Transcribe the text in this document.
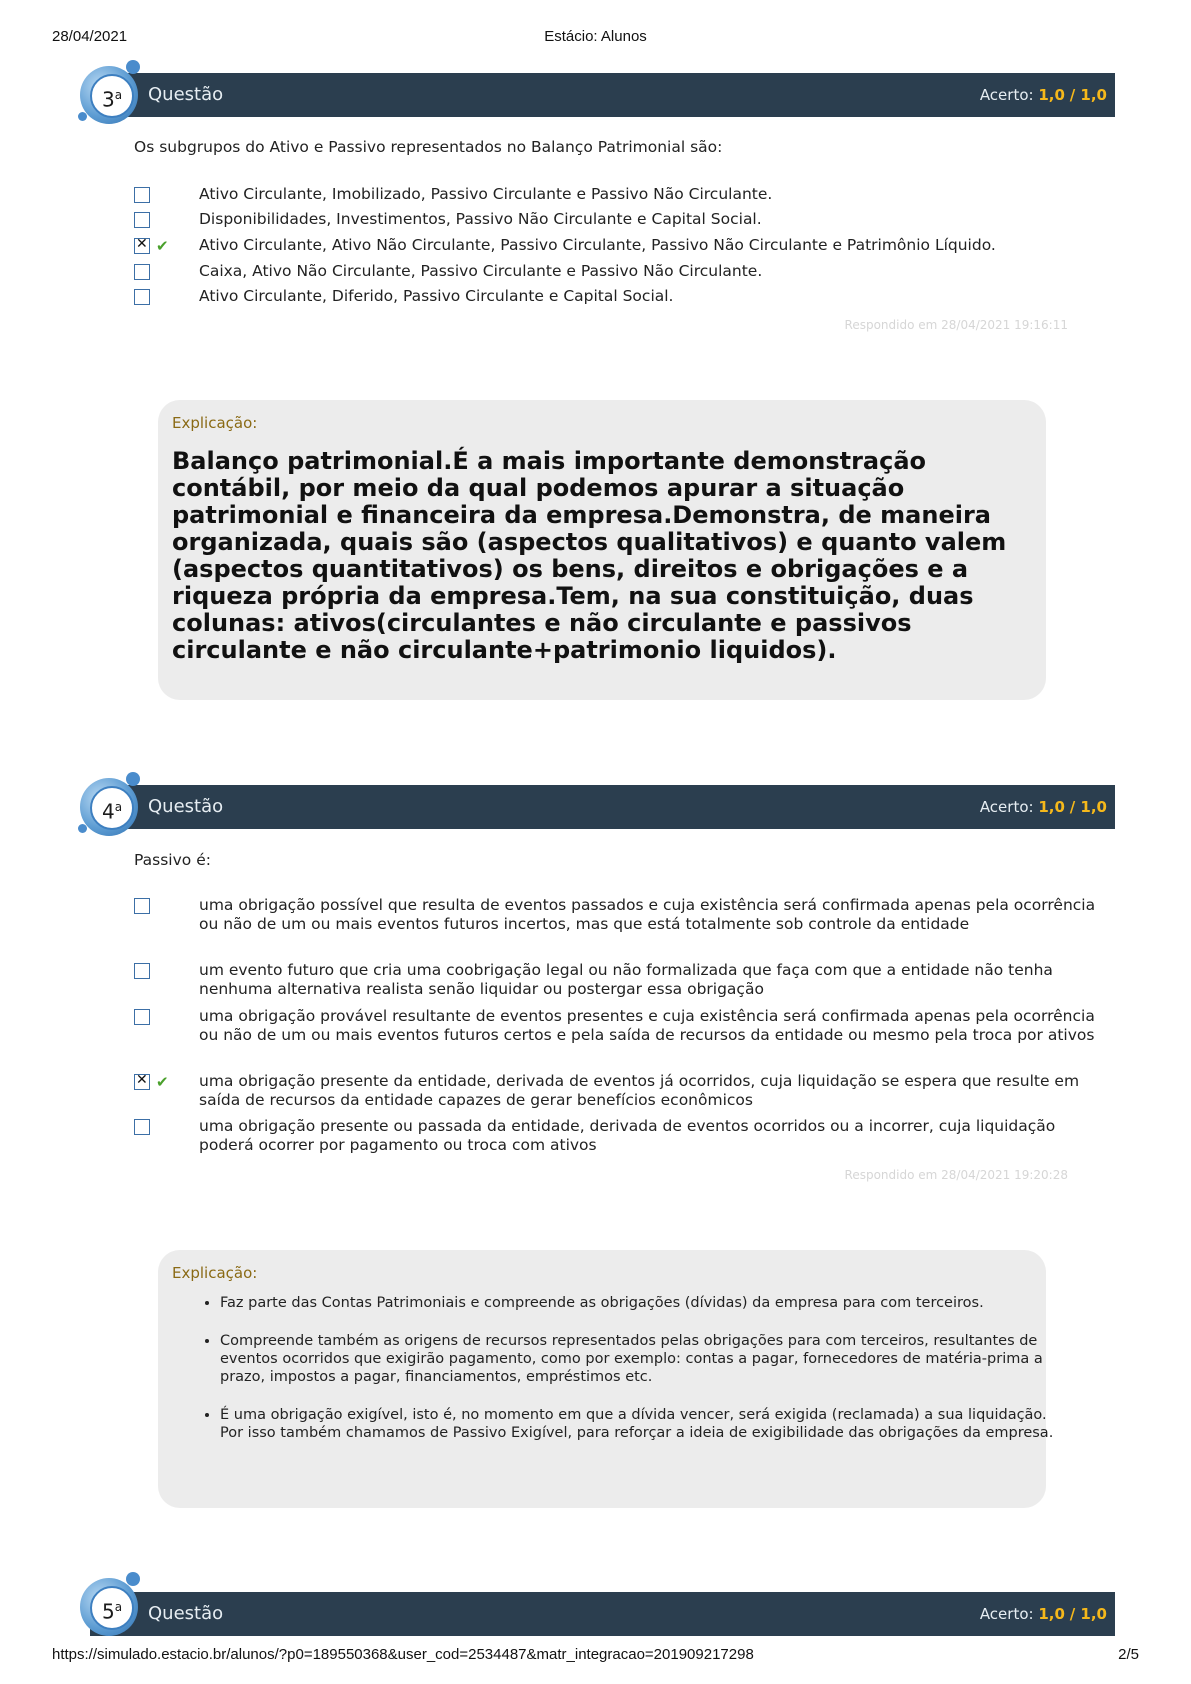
28/04/2021	Estácio: Alunos
Questão	Acerto: 1,0 / 1,0
3$^a$
Os subgrupos do Ativo e Passivo representados no Balanço Patrimonial são:
Ativo Circulante, Imobilizado, Passivo Circulante e Passivo Não Circulante.
Disponibilidades, Investimentos, Passivo Não Circulante e Capital Social.
✕
✔ Ativo Circulante, Ativo Não Circulante, Passivo Circulante, Passivo Não Circulante e Patrimônio Líquido.
Caixa, Ativo Não Circulante, Passivo Circulante e Passivo Não Circulante.
Ativo Circulante, Diferido, Passivo Circulante e Capital Social.
Respondido em 28/04/2021 19:16:11
Explicação:
Balanço patrimonial.É a mais importante demonstração contábil, por meio da qual podemos apurar a situação patrimonial e financeira da empresa.Demonstra, de maneira organizada, quais são (aspectos qualitativos) e quanto valem (aspectos quantitativos) os bens, direitos e obrigações e a riqueza própria da empresa.Tem, na sua constituição, duas colunas: ativos(circulantes e não circulante e passivos circulante e não circulante+patrimonio liquidos).
Questão	Acerto: 1,0 / 1,0
4$^a$
Passivo é:
uma obrigação possível que resulta de eventos passados e cuja existência será confirmada apenas pela ocorrência ou não de um ou mais eventos futuros incertos, mas que está totalmente sob controle da entidade
um evento futuro que cria uma coobrigação legal ou não formalizada que faça com que a entidade não tenha nenhuma alternativa realista senão liquidar ou postergar essa obrigação
uma obrigação provável resultante de eventos presentes e cuja existência será confirmada apenas pela ocorrência ou não de um ou mais eventos futuros certos e pela saída de recursos da entidade ou mesmo pela troca por ativos
✕
✔ uma obrigação presente da entidade, derivada de eventos já ocorridos, cuja liquidação se espera que resulte em saída de recursos da entidade capazes de gerar benefícios econômicos
uma obrigação presente ou passada da entidade, derivada de eventos ocorridos ou a incorrer, cuja liquidação poderá ocorrer por pagamento ou troca com ativos
Respondido em 28/04/2021 19:20:28
Explicação:
• Faz parte das Contas Patrimoniais e compreende as obrigações (dívidas) da empresa para com terceiros.
• Compreende também as origens de recursos representados pelas obrigações para com terceiros, resultantes de eventos ocorridos que exigirão pagamento, como por exemplo: contas a pagar, fornecedores de matéria-prima a prazo, impostos a pagar, financiamentos, empréstimos etc.
• É uma obrigação exigível, isto é, no momento em que a dívida vencer, será exigida (reclamada) a sua liquidação. Por isso também chamamos de Passivo Exigível, para reforçar a ideia de exigibilidade das obrigações da empresa.
Questão	Acerto: 1,0 / 1,0
5$^a$
https://simulado.estacio.br/alunos/?p0=189550368&user_cod=2534487&matr_integracao=201909217298	2/5
